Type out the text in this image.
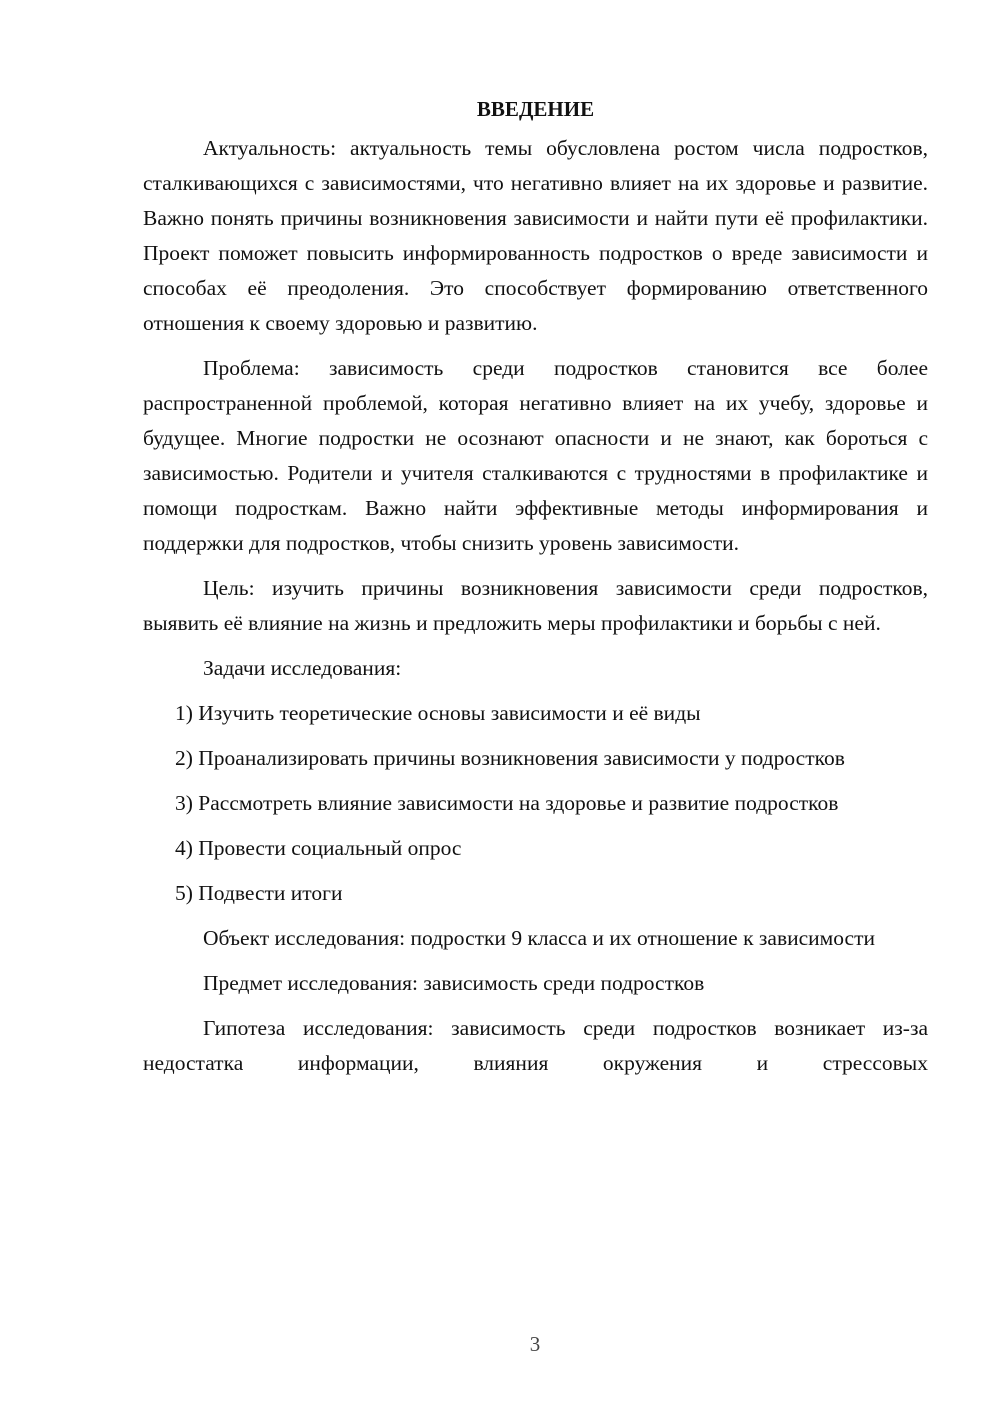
ВВЕДЕНИЕ

Актуальность: актуальность темы обусловлена ростом числа подростков, сталкивающихся с зависимостями, что негативно влияет на их здоровье и развитие. Важно понять причины возникновения зависимости и найти пути её профилактики. Проект поможет повысить информированность подростков о вреде зависимости и способах её преодоления. Это способствует формированию ответственного отношения к своему здоровью и развитию.

Проблема: зависимость среди подростков становится все более распространенной проблемой, которая негативно влияет на их учебу, здоровье и будущее. Многие подростки не осознают опасности и не знают, как бороться с зависимостью. Родители и учителя сталкиваются с трудностями в профилактике и помощи подросткам. Важно найти эффективные методы информирования и поддержки для подростков, чтобы снизить уровень зависимости.

Цель: изучить причины возникновения зависимости среди подростков, выявить её влияние на жизнь и предложить меры профилактики и борьбы с ней.

Задачи исследования:

1) Изучить теоретические основы зависимости и её виды

2) Проанализировать причины возникновения зависимости у подростков

3) Рассмотреть влияние зависимости на здоровье и развитие подростков

4) Провести социальный опрос

5) Подвести итоги

Объект исследования: подростки 9 класса и их отношение к зависимости

Предмет исследования: зависимость среди подростков

Гипотеза исследования: зависимость среди подростков возникает из-за недостатка информации, влияния окружения и стрессовых

3
